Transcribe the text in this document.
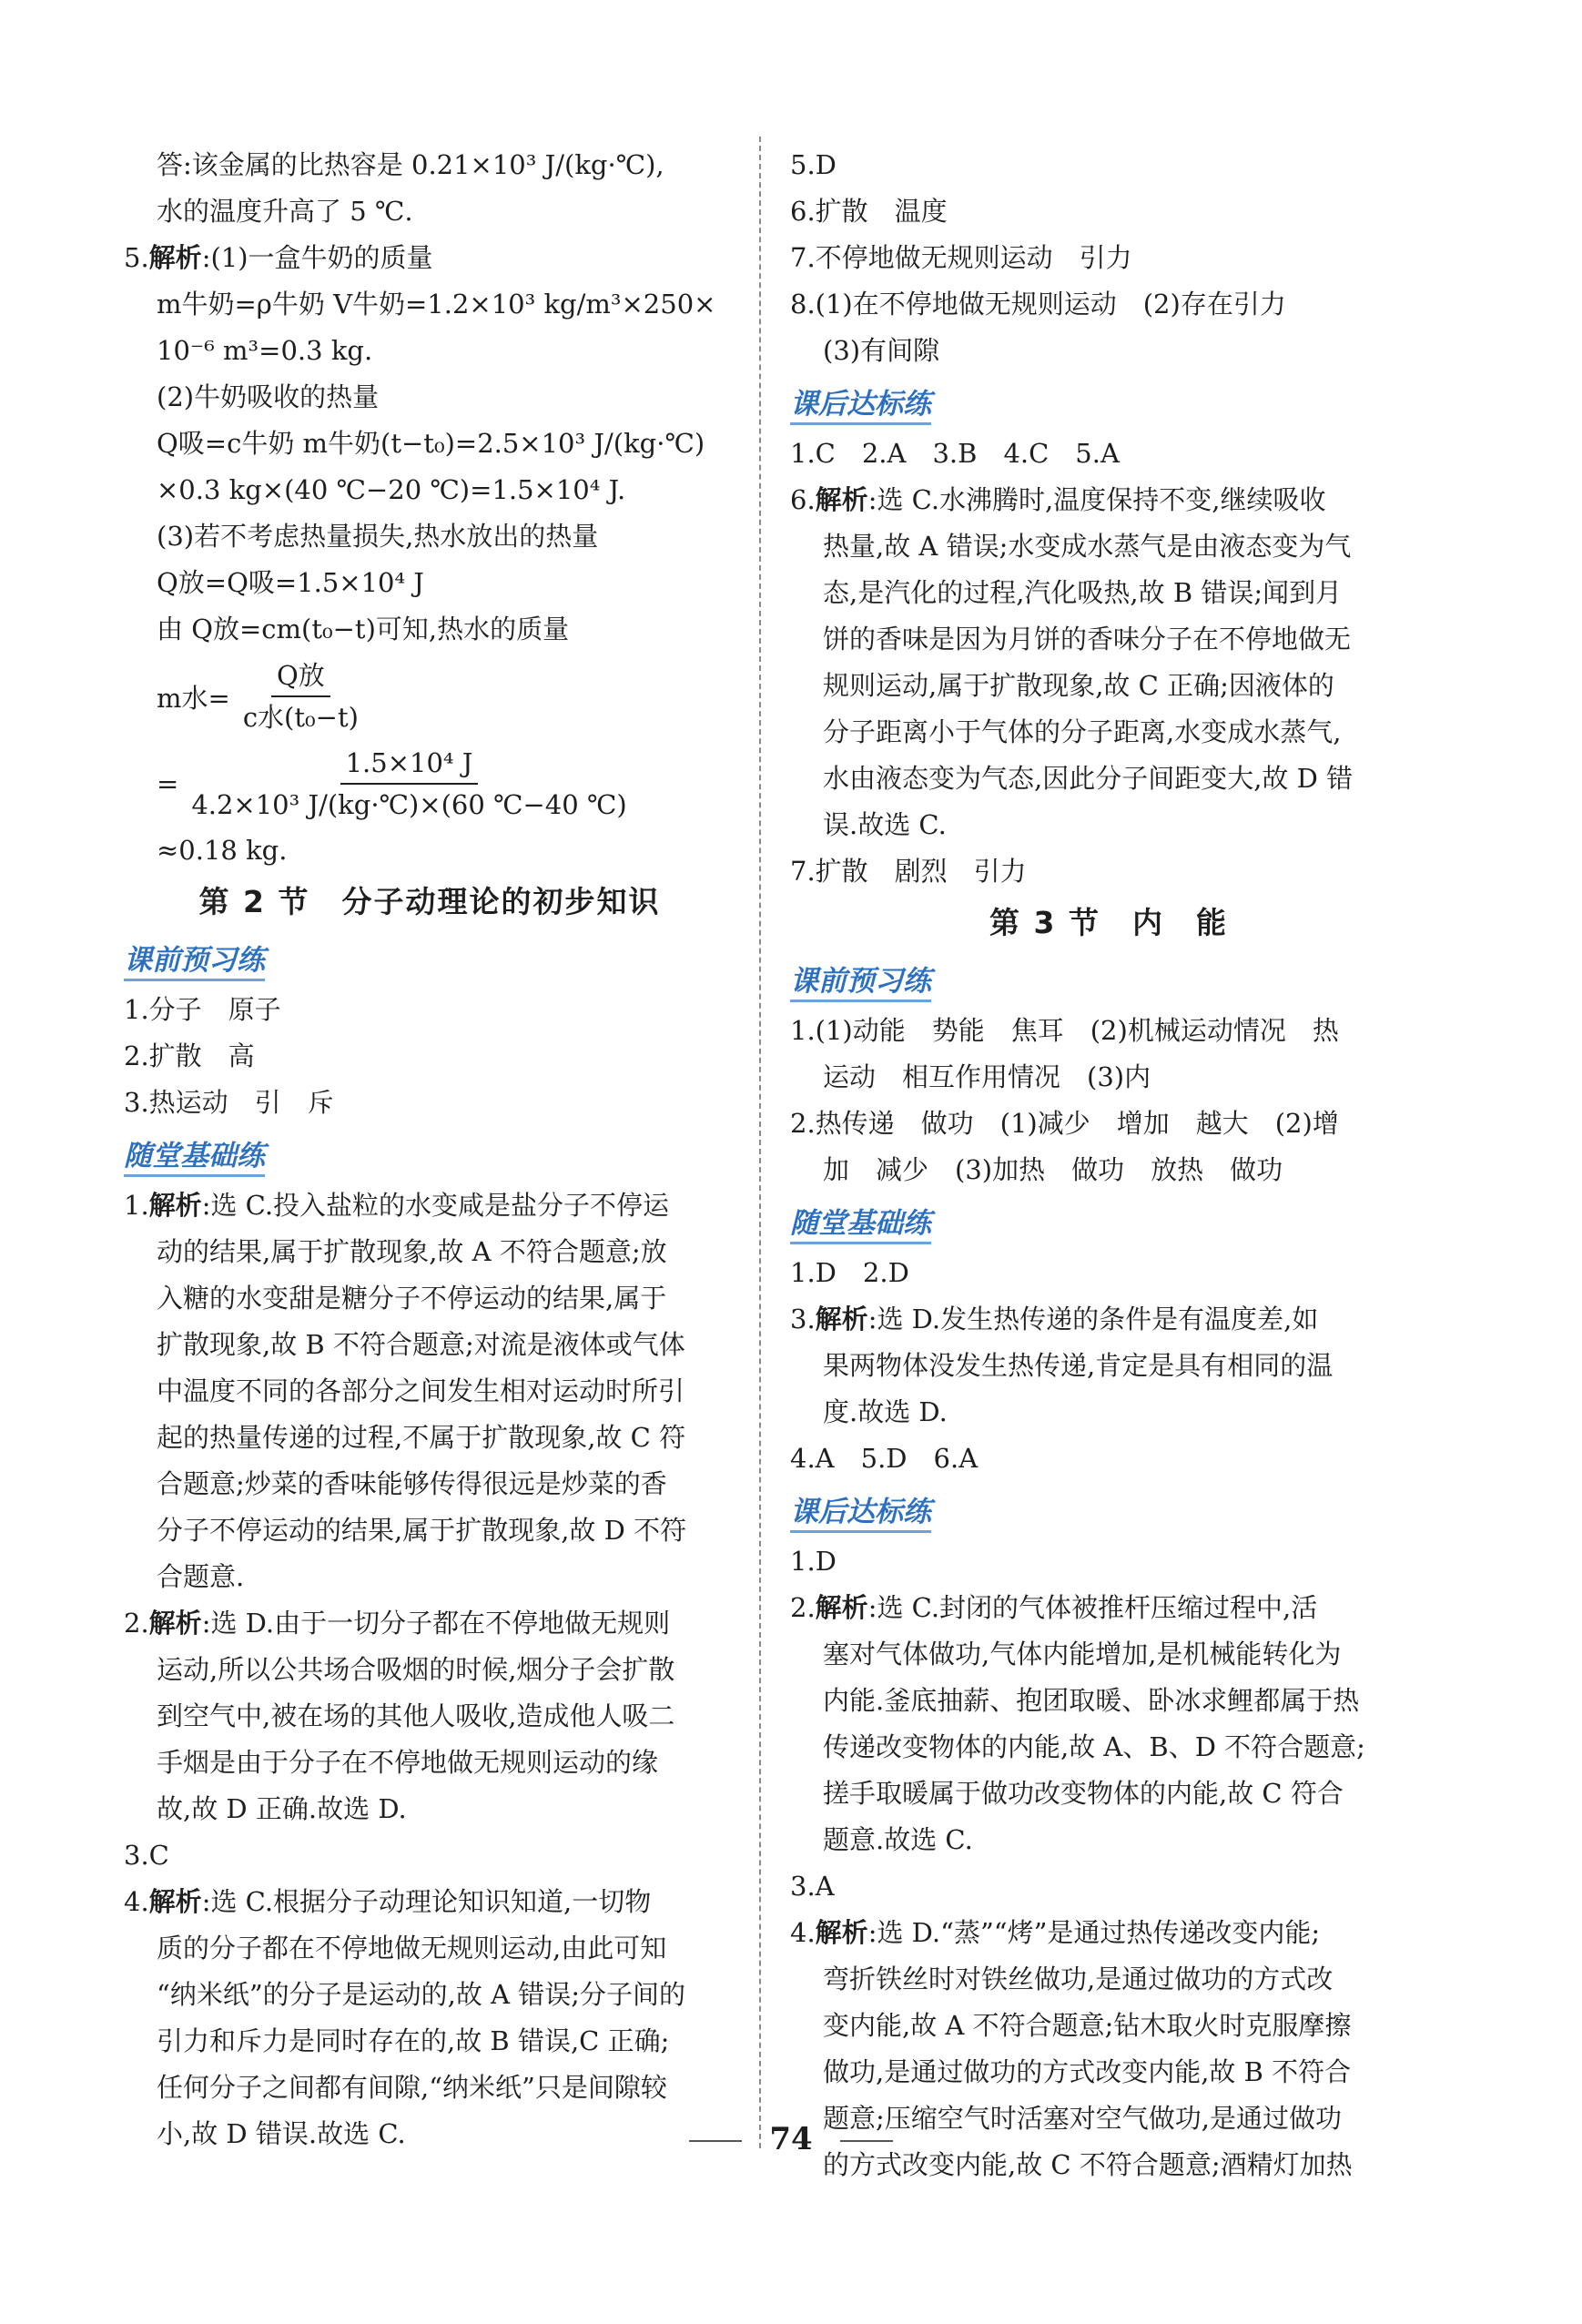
答:该金属的比热容是 0.21×10³ J/(kg·℃),
水的温度升高了 5 ℃.
5.解析:(1)一盒牛奶的质量
m牛奶=ρ牛奶 V牛奶=1.2×10³ kg/m³×250×
10⁻⁶ m³=0.3 kg.
(2)牛奶吸收的热量
Q吸=c牛奶 m牛奶(t−t₀)=2.5×10³ J/(kg·℃)
×0.3 kg×(40 ℃−20 ℃)=1.5×10⁴ J.
(3)若不考虑热量损失,热水放出的热量
Q放=Q吸=1.5×10⁴ J
由 Q放=cm(t₀−t)可知,热水的质量
m水= $\frac{\text{Q放}}{\text{c水(t₀−t)}}$
= $\frac{\text{1.5×10⁴ J}}{\text{4.2×10³ J/(kg·℃)×(60 ℃−40 ℃)}}$
≈0.18 kg.
第 2 节　分子动理论的初步知识
课前预习练
1.分子　原子
2.扩散　高
3.热运动　引　斥
随堂基础练
1.解析:选 C.投入盐粒的水变咸是盐分子不停运
动的结果,属于扩散现象,故 A 不符合题意;放
入糖的水变甜是糖分子不停运动的结果,属于
扩散现象,故 B 不符合题意;对流是液体或气体
中温度不同的各部分之间发生相对运动时所引
起的热量传递的过程,不属于扩散现象,故 C 符
合题意;炒菜的香味能够传得很远是炒菜的香
分子不停运动的结果,属于扩散现象,故 D 不符
合题意.
2.解析:选 D.由于一切分子都在不停地做无规则
运动,所以公共场合吸烟的时候,烟分子会扩散
到空气中,被在场的其他人吸收,造成他人吸二
手烟是由于分子在不停地做无规则运动的缘
故,故 D 正确.故选 D.
3.C
4.解析:选 C.根据分子动理论知识知道,一切物
质的分子都在不停地做无规则运动,由此可知
“纳米纸”的分子是运动的,故 A 错误;分子间的
引力和斥力是同时存在的,故 B 错误,C 正确;
任何分子之间都有间隙,“纳米纸”只是间隙较
小,故 D 错误.故选 C.
5.D
6.扩散　温度
7.不停地做无规则运动　引力
8.(1)在不停地做无规则运动　(2)存在引力
(3)有间隙
课后达标练
1.C　2.A　3.B　4.C　5.A
6.解析:选 C.水沸腾时,温度保持不变,继续吸收
热量,故 A 错误;水变成水蒸气是由液态变为气
态,是汽化的过程,汽化吸热,故 B 错误;闻到月
饼的香味是因为月饼的香味分子在不停地做无
规则运动,属于扩散现象,故 C 正确;因液体的
分子距离小于气体的分子距离,水变成水蒸气,
水由液态变为气态,因此分子间距变大,故 D 错
误.故选 C.
7.扩散　剧烈　引力
第 3 节　内　能
课前预习练
1.(1)动能　势能　焦耳　(2)机械运动情况　热
运动　相互作用情况　(3)内
2.热传递　做功　(1)减少　增加　越大　(2)增
加　减少　(3)加热　做功　放热　做功
随堂基础练
1.D　2.D
3.解析:选 D.发生热传递的条件是有温度差,如
果两物体没发生热传递,肯定是具有相同的温
度.故选 D.
4.A　5.D　6.A
课后达标练
1.D
2.解析:选 C.封闭的气体被推杆压缩过程中,活
塞对气体做功,气体内能增加,是机械能转化为
内能.釜底抽薪、抱团取暖、卧冰求鲤都属于热
传递改变物体的内能,故 A、B、D 不符合题意;
搓手取暖属于做功改变物体的内能,故 C 符合
题意.故选 C.
3.A
4.解析:选 D.“蒸”“烤”是通过热传递改变内能;
弯折铁丝时对铁丝做功,是通过做功的方式改
变内能,故 A 不符合题意;钻木取火时克服摩擦
做功,是通过做功的方式改变内能,故 B 不符合
题意;压缩空气时活塞对空气做功,是通过做功
的方式改变内能,故 C 不符合题意;酒精灯加热
74
